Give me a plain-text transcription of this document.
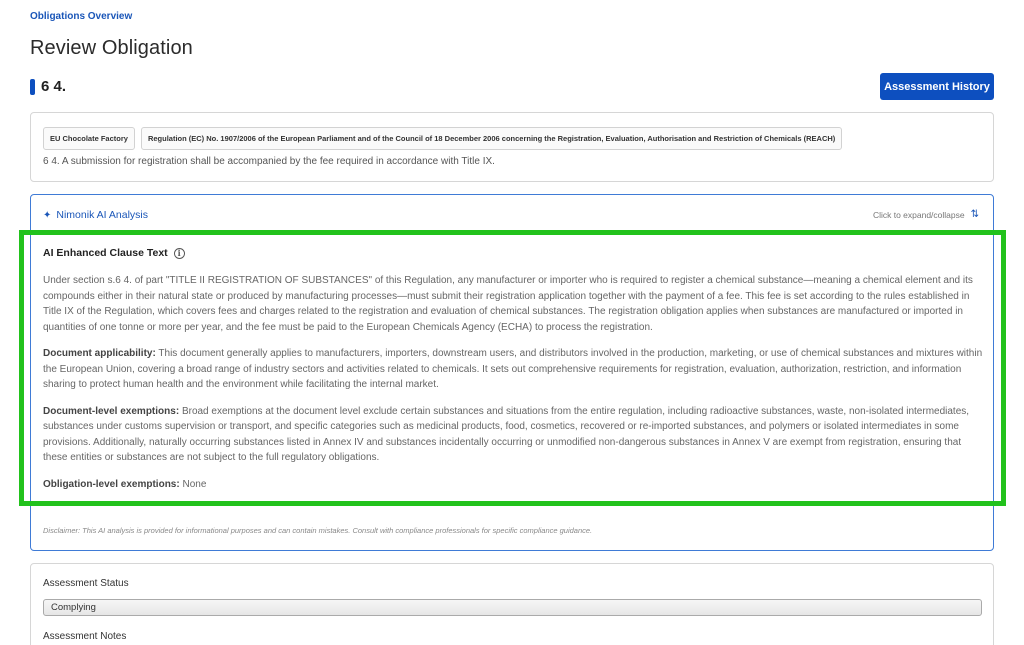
Obligations Overview
Review Obligation
6 4.	Assessment History
EU Chocolate Factory	Regulation (EC) No. 1907/2006 of the European Parliament and of the Council of 18 December 2006 concerning the Registration, Evaluation, Authorisation and Restriction of Chemicals (REACH)
6 4. A submission for registration shall be accompanied by the fee required in accordance with Title IX.
✦ Nimonik AI Analysis	Click to expand/collapse ⇅
AI Enhanced Clause Text	i

Under section s.6 4. of part "TITLE II REGISTRATION OF SUBSTANCES" of this Regulation, any manufacturer or importer who is required to register a chemical substance—meaning a chemical element and its compounds either in their natural state or produced by manufacturing processes—must submit their registration application together with the payment of a fee. This fee is set according to the rules established in Title IX of the Regulation, which covers fees and charges related to the registration and evaluation of chemical substances. The registration obligation applies when substances are manufactured or imported in quantities of one tonne or more per year, and the fee must be paid to the European Chemicals Agency (ECHA) to process the registration.

Document applicability: This document generally applies to manufacturers, importers, downstream users, and distributors involved in the production, marketing, or use of chemical substances and mixtures within the European Union, covering a broad range of industry sectors and activities related to chemicals. It sets out comprehensive requirements for registration, evaluation, authorization, restriction, and information sharing to protect human health and the environment while facilitating the internal market.

Document-level exemptions: Broad exemptions at the document level exclude certain substances and situations from the entire regulation, including radioactive substances, waste, non-isolated intermediates, substances under customs supervision or transport, and specific categories such as medicinal products, food, cosmetics, recovered or re-imported substances, and polymers or isolated intermediates in some provisions. Additionally, naturally occurring substances listed in Annex IV and substances incidentally occurring or unmodified non-dangerous substances in Annex V are exempt from registration, ensuring that these entities or substances are not subject to the full regulatory obligations.

Obligation-level exemptions: None

Disclaimer: This AI analysis is provided for informational purposes and can contain mistakes. Consult with compliance professionals for specific compliance guidance.
Assessment Status
Complying
Assessment Notes
